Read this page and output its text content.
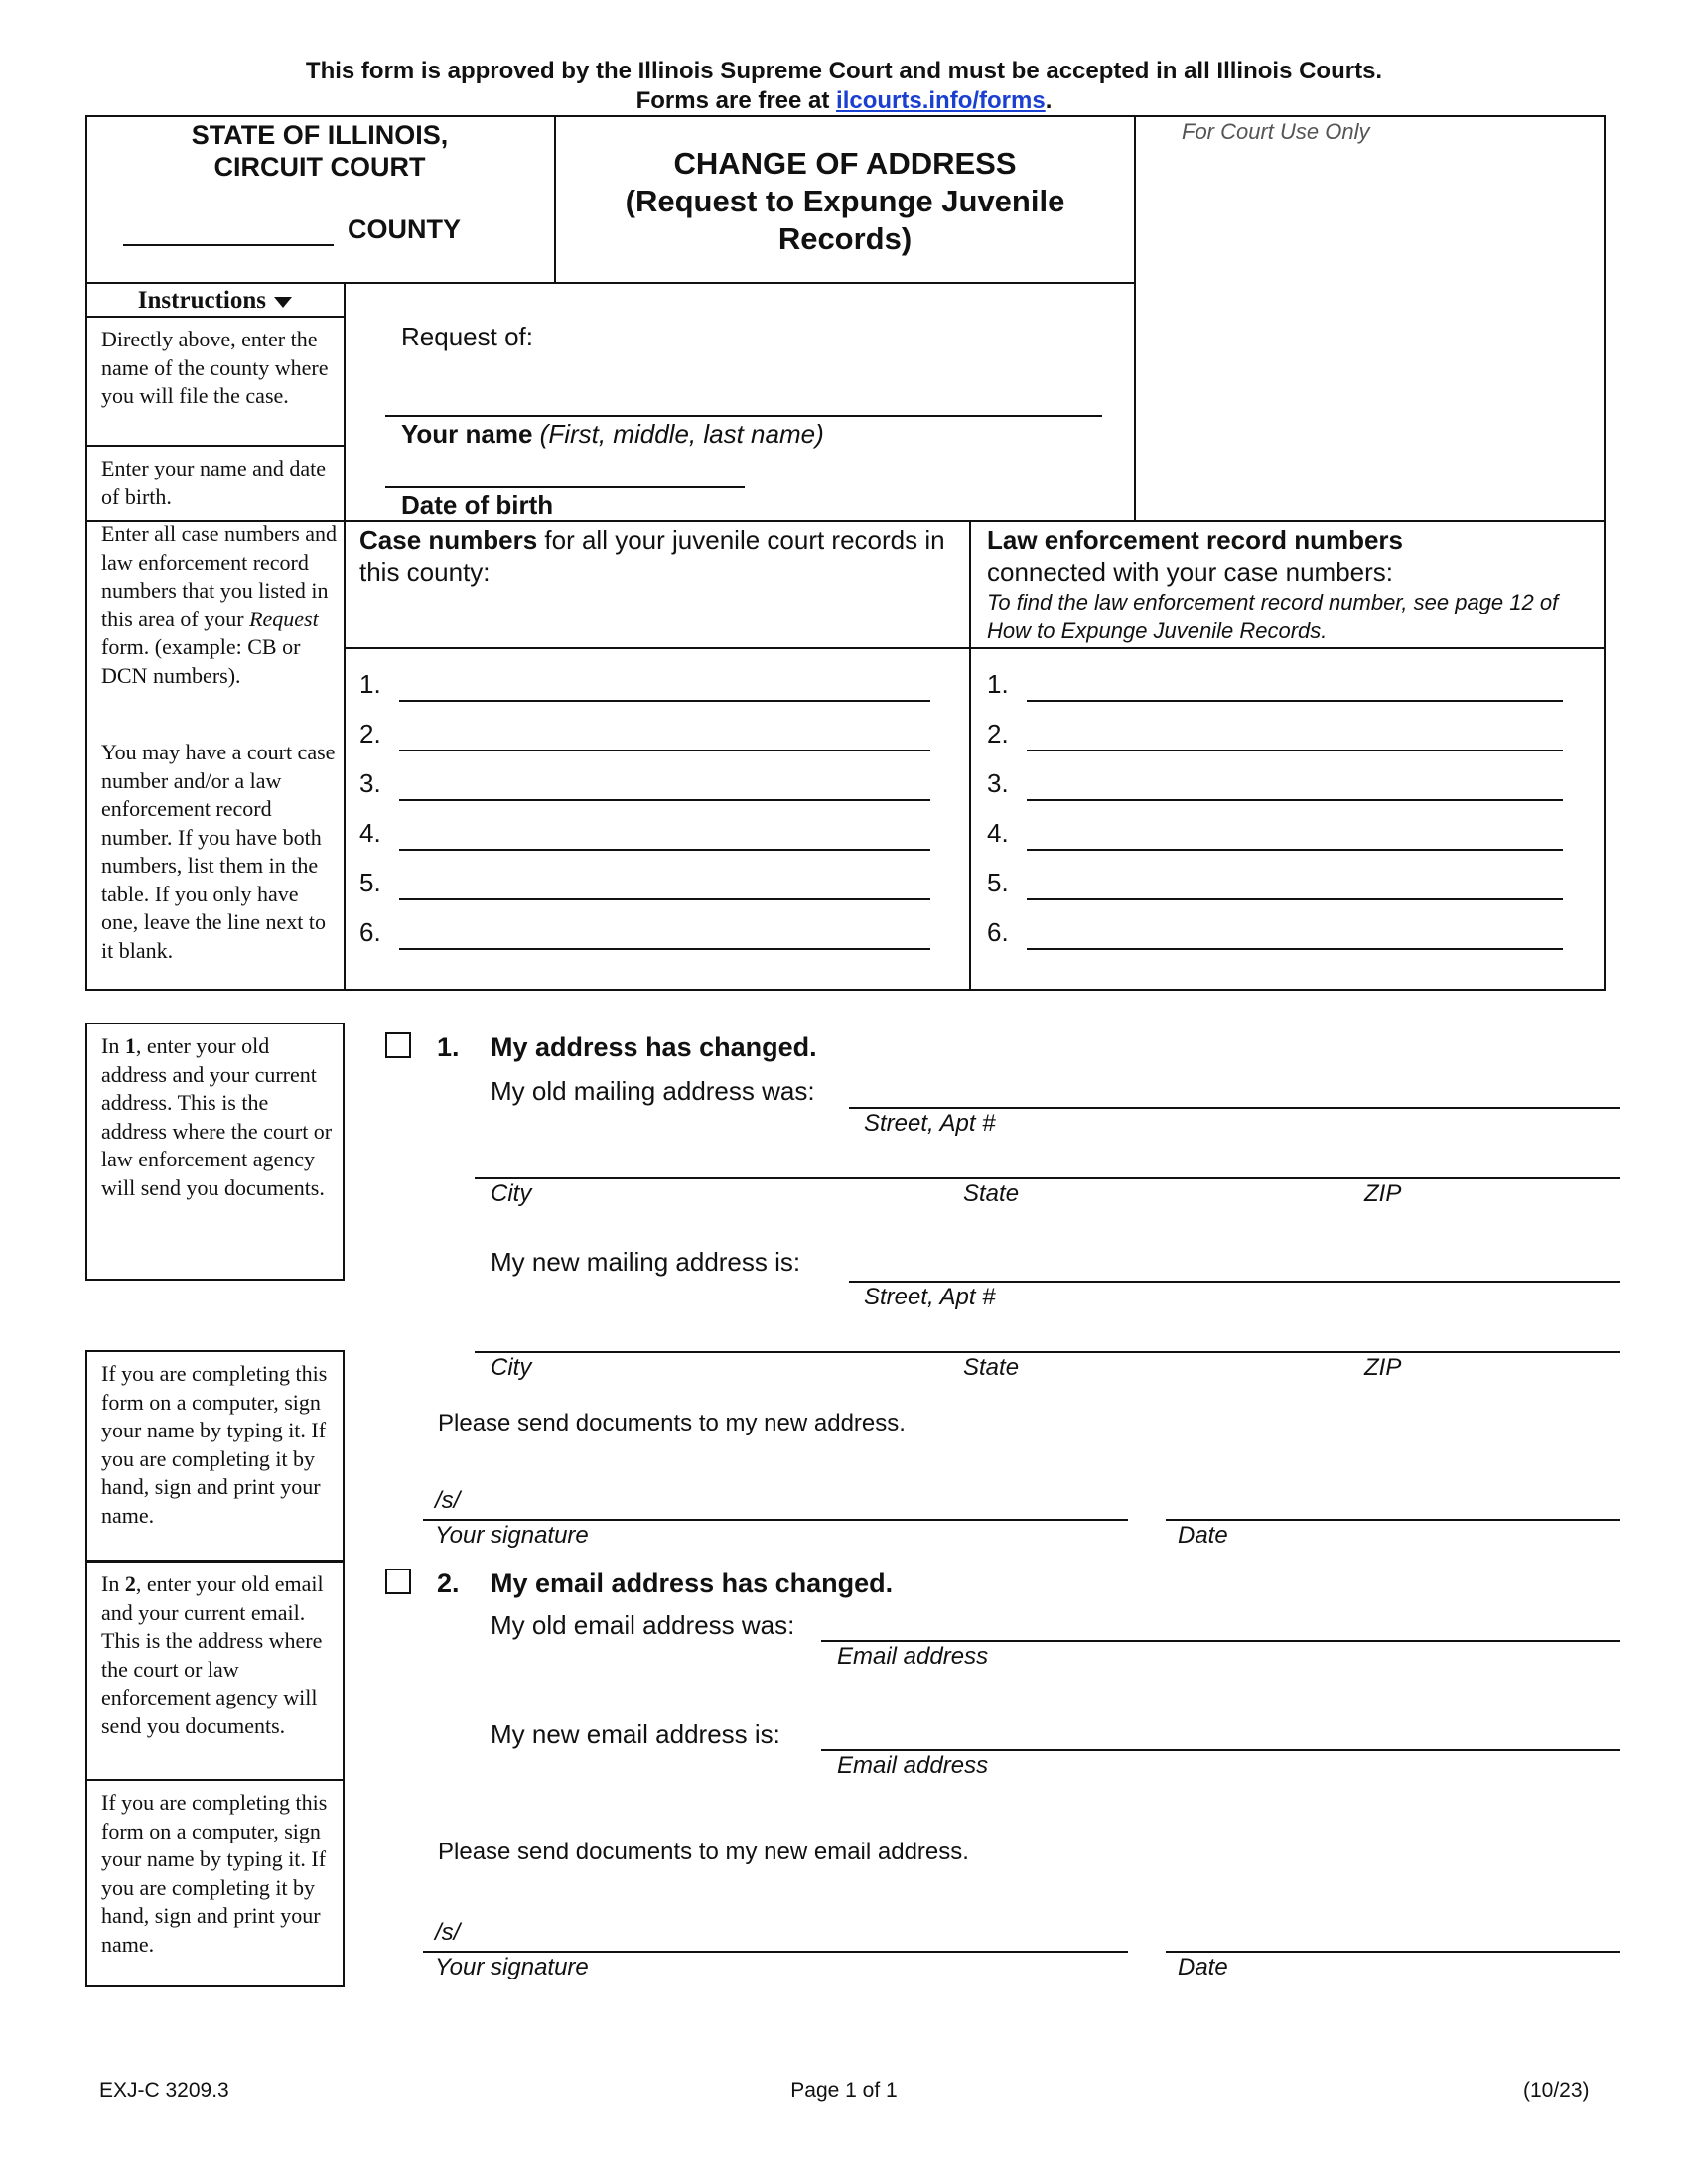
This form is approved by the Illinois Supreme Court and must be accepted in all Illinois Courts.
Forms are free at ilcourts.info/forms.
STATE OF ILLINOIS,
CIRCUIT COURT
COUNTY
CHANGE OF ADDRESS
(Request to Expunge Juvenile
Records)
For Court Use Only
Instructions
Directly above, enter the name of the county where you will file the case.
Enter your name and date of birth.
Enter all case numbers and law enforcement record numbers that you listed in this area of your Request form. (example: CB or DCN numbers).
You may have a court case number and/or a law enforcement record number. If you have both numbers, list them in the table. If you only have one, leave the line next to it blank.
Request of:
Your name (First, middle, last name)
Date of birth
Case numbers for all your juvenile court records in this county:
Law enforcement record numbers
connected with your case numbers:
To find the law enforcement record number, see page 12 of How to Expunge Juvenile Records.
1.
2.
3.
4.
5.
6.
1.
2.
3.
4.
5.
6.
In 1, enter your old address and your current address. This is the address where the court or law enforcement agency will send you documents.
1. My address has changed.
My old mailing address was:
Street, Apt #
City	State	ZIP
My new mailing address is:
Street, Apt #
City	State	ZIP
If you are completing this form on a computer, sign your name by typing it. If you are completing it by hand, sign and print your name.
Please send documents to my new address.
/s/
Your signature	Date
In 2, enter your old email and your current email. This is the address where the court or law enforcement agency will send you documents.
2. My email address has changed.
My old email address was:
Email address
My new email address is:
Email address
If you are completing this form on a computer, sign your name by typing it. If you are completing it by hand, sign and print your name.
Please send documents to my new email address.
/s/
Your signature	Date
EXJ-C 3209.3	Page 1 of 1	(10/23)
